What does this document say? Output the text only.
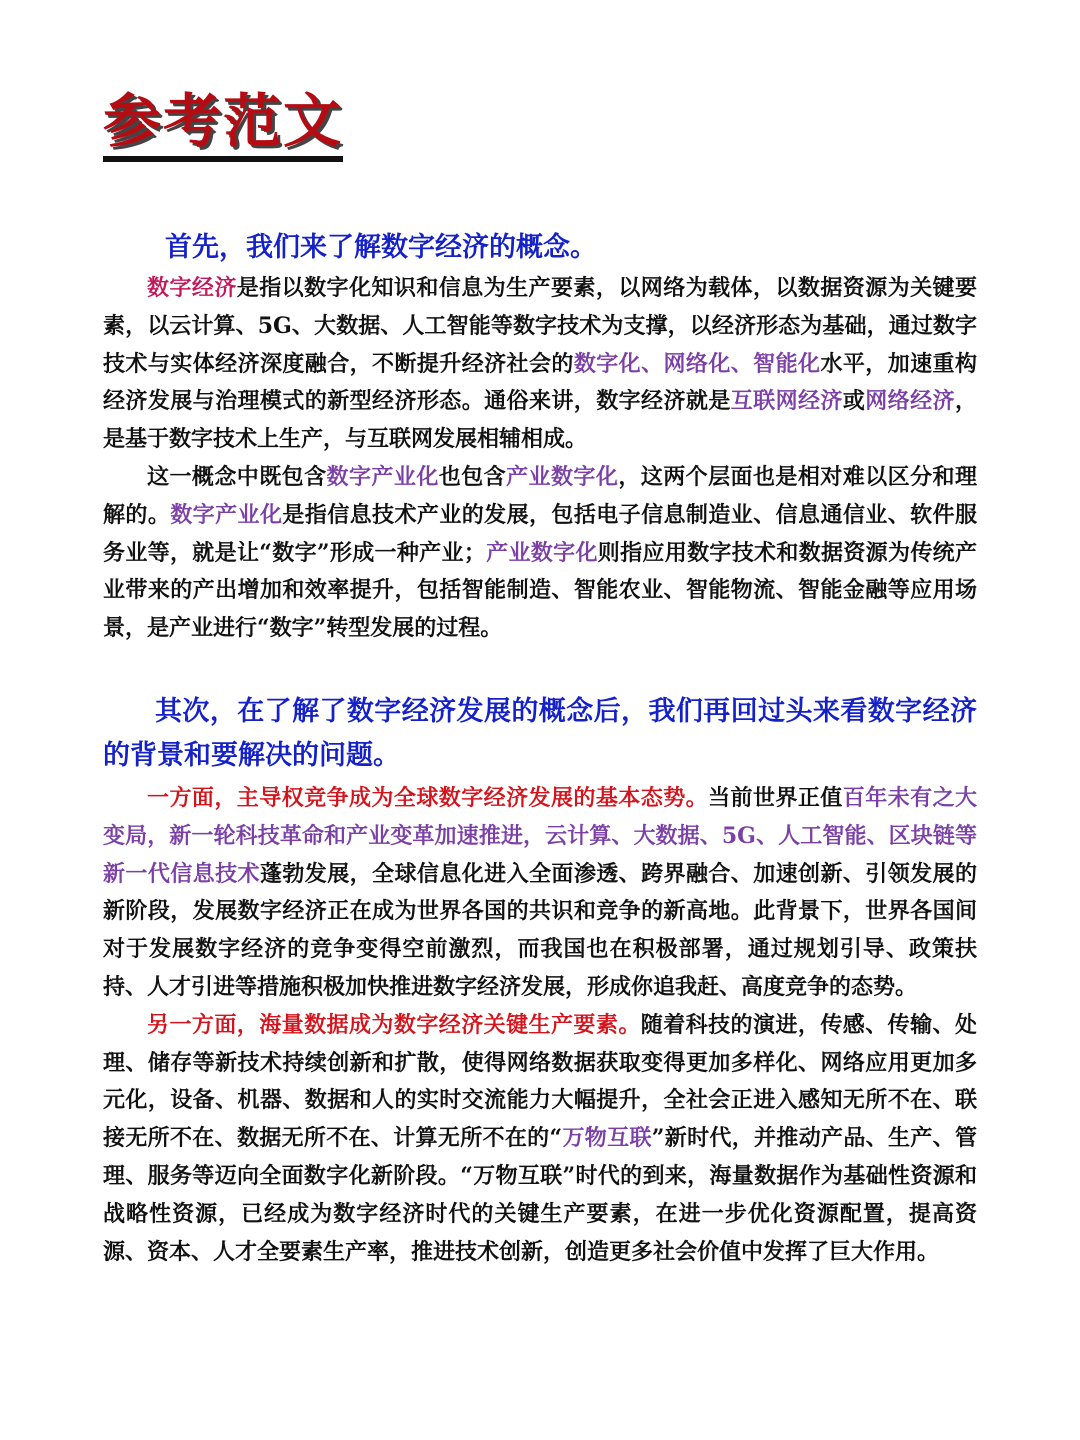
参考范文
首先，我们来了解数字经济的概念。

数字经济是指以数字化知识和信息为生产要素，以网络为载体，以数据资源为关键要素，以云计算、5G、大数据、人工智能等数字技术为支撑，以经济形态为基础，通过数字技术与实体经济深度融合，不断提升经济社会的数字化、网络化、智能化水平，加速重构经济发展与治理模式的新型经济形态。通俗来讲，数字经济就是互联网经济或网络经济，是基于数字技术上生产，与互联网发展相辅相成。

这一概念中既包含数字产业化也包含产业数字化，这两个层面也是相对难以区分和理解的。数字产业化是指信息技术产业的发展，包括电子信息制造业、信息通信业、软件服务业等，就是让“数字”形成一种产业；产业数字化则指应用数字技术和数据资源为传统产业带来的产出增加和效率提升，包括智能制造、智能农业、智能物流、智能金融等应用场景，是产业进行“数字”转型发展的过程。

其次，在了解了数字经济发展的概念后，我们再回过头来看数字经济的背景和要解决的问题。

一方面，主导权竞争成为全球数字经济发展的基本态势。当前世界正值百年未有之大变局，新一轮科技革命和产业变革加速推进，云计算、大数据、5G、人工智能、区块链等新一代信息技术蓬勃发展，全球信息化进入全面渗透、跨界融合、加速创新、引领发展的新阶段，发展数字经济正在成为世界各国的共识和竞争的新高地。此背景下，世界各国间对于发展数字经济的竞争变得空前激烈，而我国也在积极部署，通过规划引导、政策扶持、人才引进等措施积极加快推进数字经济发展，形成你追我赶、高度竞争的态势。

另一方面，海量数据成为数字经济关键生产要素。随着科技的演进，传感、传输、处理、储存等新技术持续创新和扩散，使得网络数据获取变得更加多样化、网络应用更加多元化，设备、机器、数据和人的实时交流能力大幅提升，全社会正进入感知无所不在、联接无所不在、数据无所不在、计算无所不在的“万物互联”新时代，并推动产品、生产、管理、服务等迈向全面数字化新阶段。“万物互联”时代的到来，海量数据作为基础性资源和战略性资源，已经成为数字经济时代的关键生产要素，在进一步优化资源配置，提高资源、资本、人才全要素生产率，推进技术创新，创造更多社会价值中发挥了巨大作用。
